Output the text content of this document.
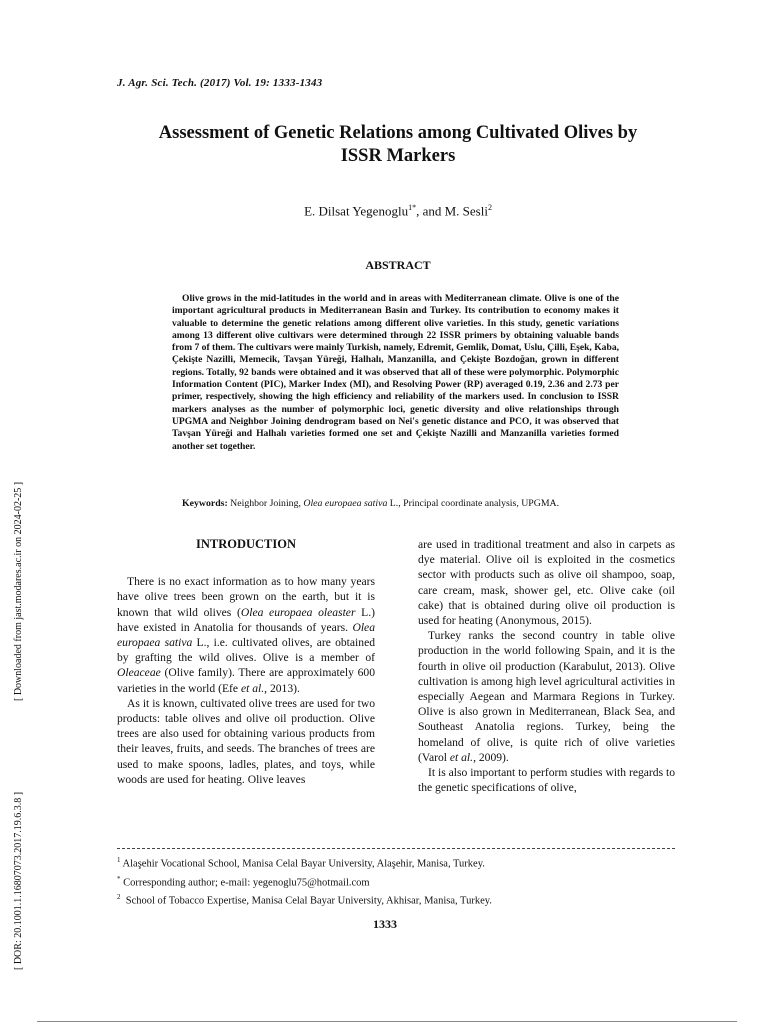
J. Agr. Sci. Tech. (2017) Vol. 19: 1333-1343
Assessment of Genetic Relations among Cultivated Olives by
ISSR Markers
E. Dilsat Yegenoglu$^{1*}$, and M. Sesli$^2$
ABSTRACT
Olive grows in the mid-latitudes in the world and in areas with Mediterranean climate. Olive is one of the important agricultural products in Mediterranean Basin and Turkey. Its contribution to economy makes it valuable to determine the genetic relations among different olive varieties. In this study, genetic variations among 13 different olive cultivars were determined through 22 ISSR primers by obtaining valuable bands from 7 of them. The cultivars were mainly Turkish, namely, Edremit, Gemlik, Domat, Uslu, Çilli, Eşek, Kaba, Çekişte Nazilli, Memecik, Tavşan Yüreği, Halhalı, Manzanilla, and Çekişte Bozdoğan, grown in different regions. Totally, 92 bands were obtained and it was observed that all of these were polymorphic. Polymorphic Information Content (PIC), Marker Index (MI), and Resolving Power (RP) averaged 0.19, 2.36 and 2.73 per primer, respectively, showing the high efficiency and reliability of the markers used. In conclusion to ISSR markers analyses as the number of polymorphic loci, genetic diversity and olive relationships through UPGMA and Neighbor Joining dendrogram based on Nei's genetic distance and PCO, it was observed that Tavşan Yüreği and Halhalı varieties formed one set and Çekişte Nazilli and Manzanilla varieties formed another set together.
Keywords: Neighbor Joining, Olea europaea sativa L., Principal coordinate analysis, UPGMA.
INTRODUCTION

There is no exact information as to how many years have olive trees been grown on the earth, but it is known that wild olives (Olea europaea oleaster L.) have existed in Anatolia for thousands of years. Olea europaea sativa L., i.e. cultivated olives, are obtained by grafting the wild olives. Olive is a member of Oleaceae (Olive family). There are approximately 600 varieties in the world (Efe et al., 2013).

As it is known, cultivated olive trees are used for two products: table olives and olive oil production. Olive trees are also used for obtaining various products from their leaves, fruits, and seeds. The branches of trees are used to make spoons, ladles, plates, and toys, while woods are used for heating. Olive leaves

are used in traditional treatment and also in carpets as dye material. Olive oil is exploited in the cosmetics sector with products such as olive oil shampoo, soap, care cream, mask, shower gel, etc. Olive cake (oil cake) that is obtained during olive oil production is used for heating (Anonymous, 2015).

Turkey ranks the second country in table olive production in the world following Spain, and it is the fourth in olive oil production (Karabulut, 2013). Olive cultivation is among high level agricultural activities in especially Aegean and Marmara Regions in Turkey. Olive is also grown in Mediterranean, Black Sea, and Southeast Anatolia regions. Turkey, being the homeland of olive, is quite rich of olive varieties (Varol et al., 2009).

It is also important to perform studies with regards to the genetic specifications of olive,

$^1$ Alaşehir Vocational School, Manisa Celal Bayar University, Alaşehir, Manisa, Turkey.
* Corresponding author; e-mail: yegenoglu75@hotmail.com
$^2$ School of Tobacco Expertise, Manisa Celal Bayar University, Akhisar, Manisa, Turkey.
1333
[ Downloaded from jast.modares.ac.ir on 2024-02-25 ]
[ DOR: 20.1001.1.16807073.2017.19.6.3.8 ]
